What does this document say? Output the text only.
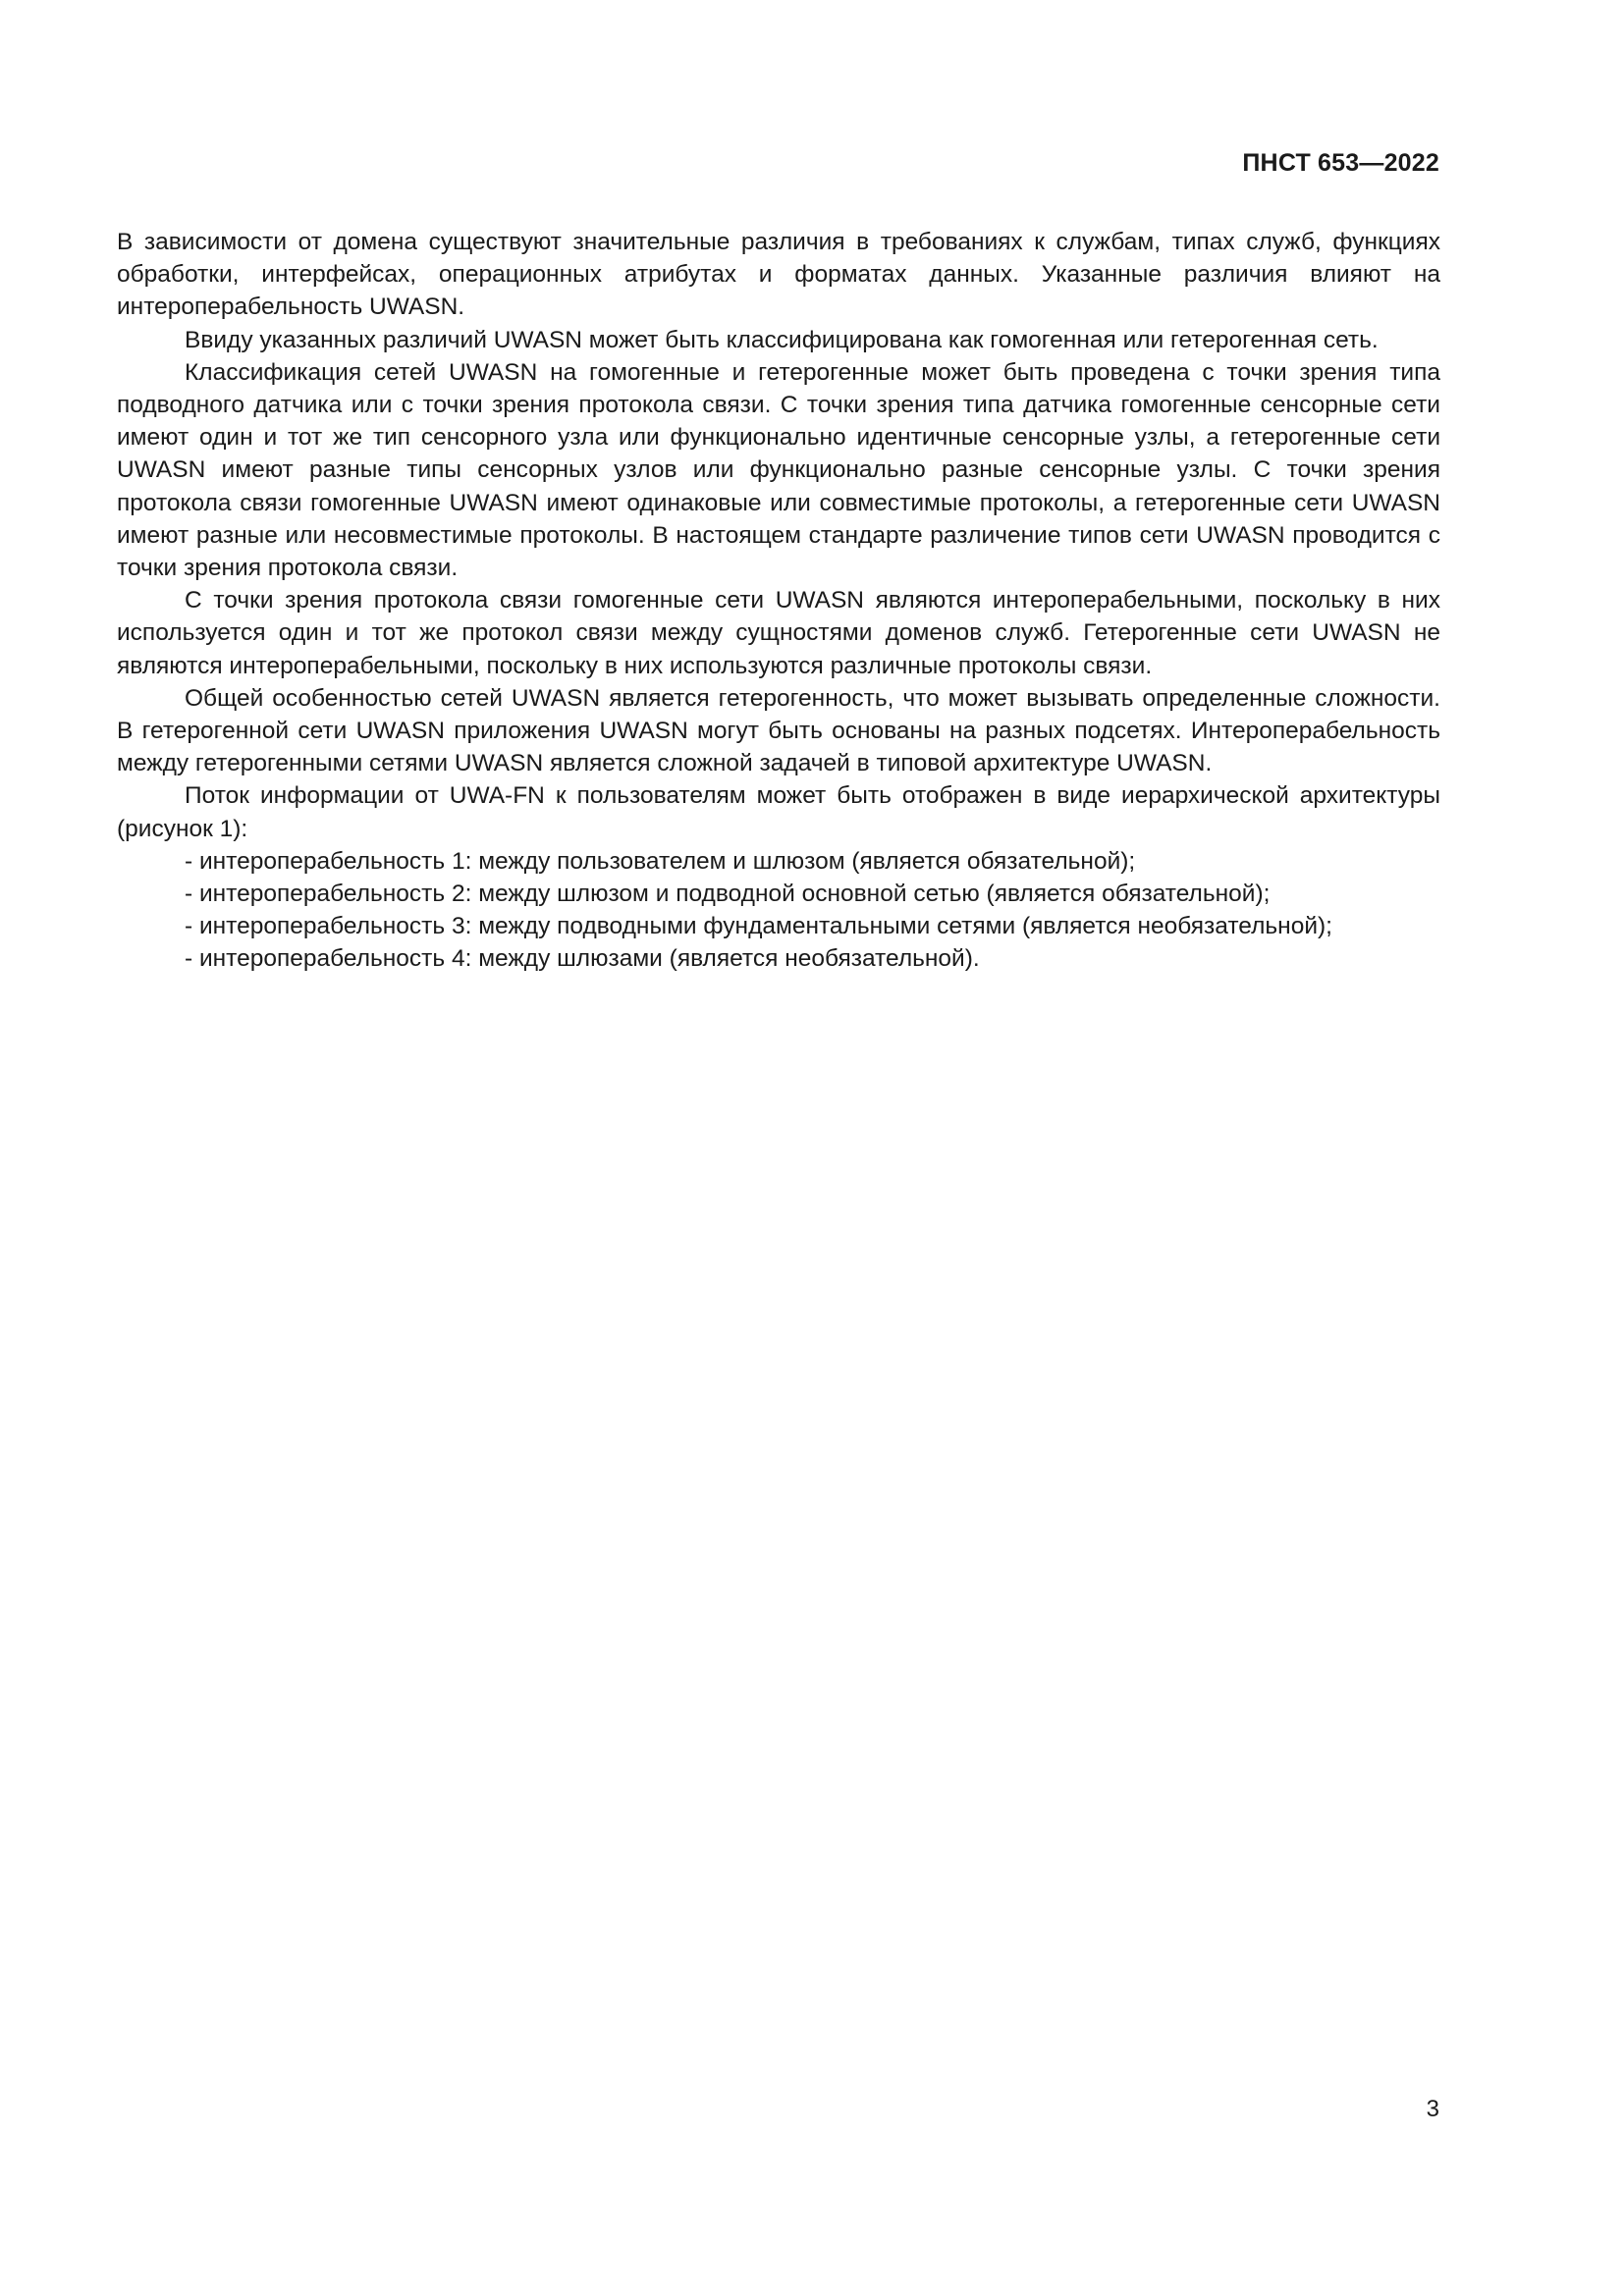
ПНСТ 653—2022

В зависимости от домена существуют значительные различия в требованиях к службам, типах служб, функциях обработки, интерфейсах, операционных атрибутах и форматах данных. Указанные различия влияют на интероперабельность UWASN.

Ввиду указанных различий UWASN может быть классифицирована как гомогенная или гетерогенная сеть.

Классификация сетей UWASN на гомогенные и гетерогенные может быть проведена с точки зрения типа подводного датчика или с точки зрения протокола связи. С точки зрения типа датчика гомогенные сенсорные сети имеют один и тот же тип сенсорного узла или функционально идентичные сенсорные узлы, а гетерогенные сети UWASN имеют разные типы сенсорных узлов или функционально разные сенсорные узлы. С точки зрения протокола связи гомогенные UWASN имеют одинаковые или совместимые протоколы, а гетерогенные сети UWASN имеют разные или несовместимые протоколы. В настоящем стандарте различение типов сети UWASN проводится с точки зрения протокола связи.

С точки зрения протокола связи гомогенные сети UWASN являются интероперабельными, поскольку в них используется один и тот же протокол связи между сущностями доменов служб. Гетерогенные сети UWASN не являются интероперабельными, поскольку в них используются различные протоколы связи.

Общей особенностью сетей UWASN является гетерогенность, что может вызывать определенные сложности. В гетерогенной сети UWASN приложения UWASN могут быть основаны на разных подсетях. Интероперабельность между гетерогенными сетями UWASN является сложной задачей в типовой архитектуре UWASN.

Поток информации от UWA-FN к пользователям может быть отображен в виде иерархической архитектуры (рисунок 1):

- интероперабельность 1: между пользователем и шлюзом (является обязательной);

- интероперабельность 2: между шлюзом и подводной основной сетью (является обязательной);

- интероперабельность 3: между подводными фундаментальными сетями (является необязательной);

- интероперабельность 4: между шлюзами (является необязательной).

3
